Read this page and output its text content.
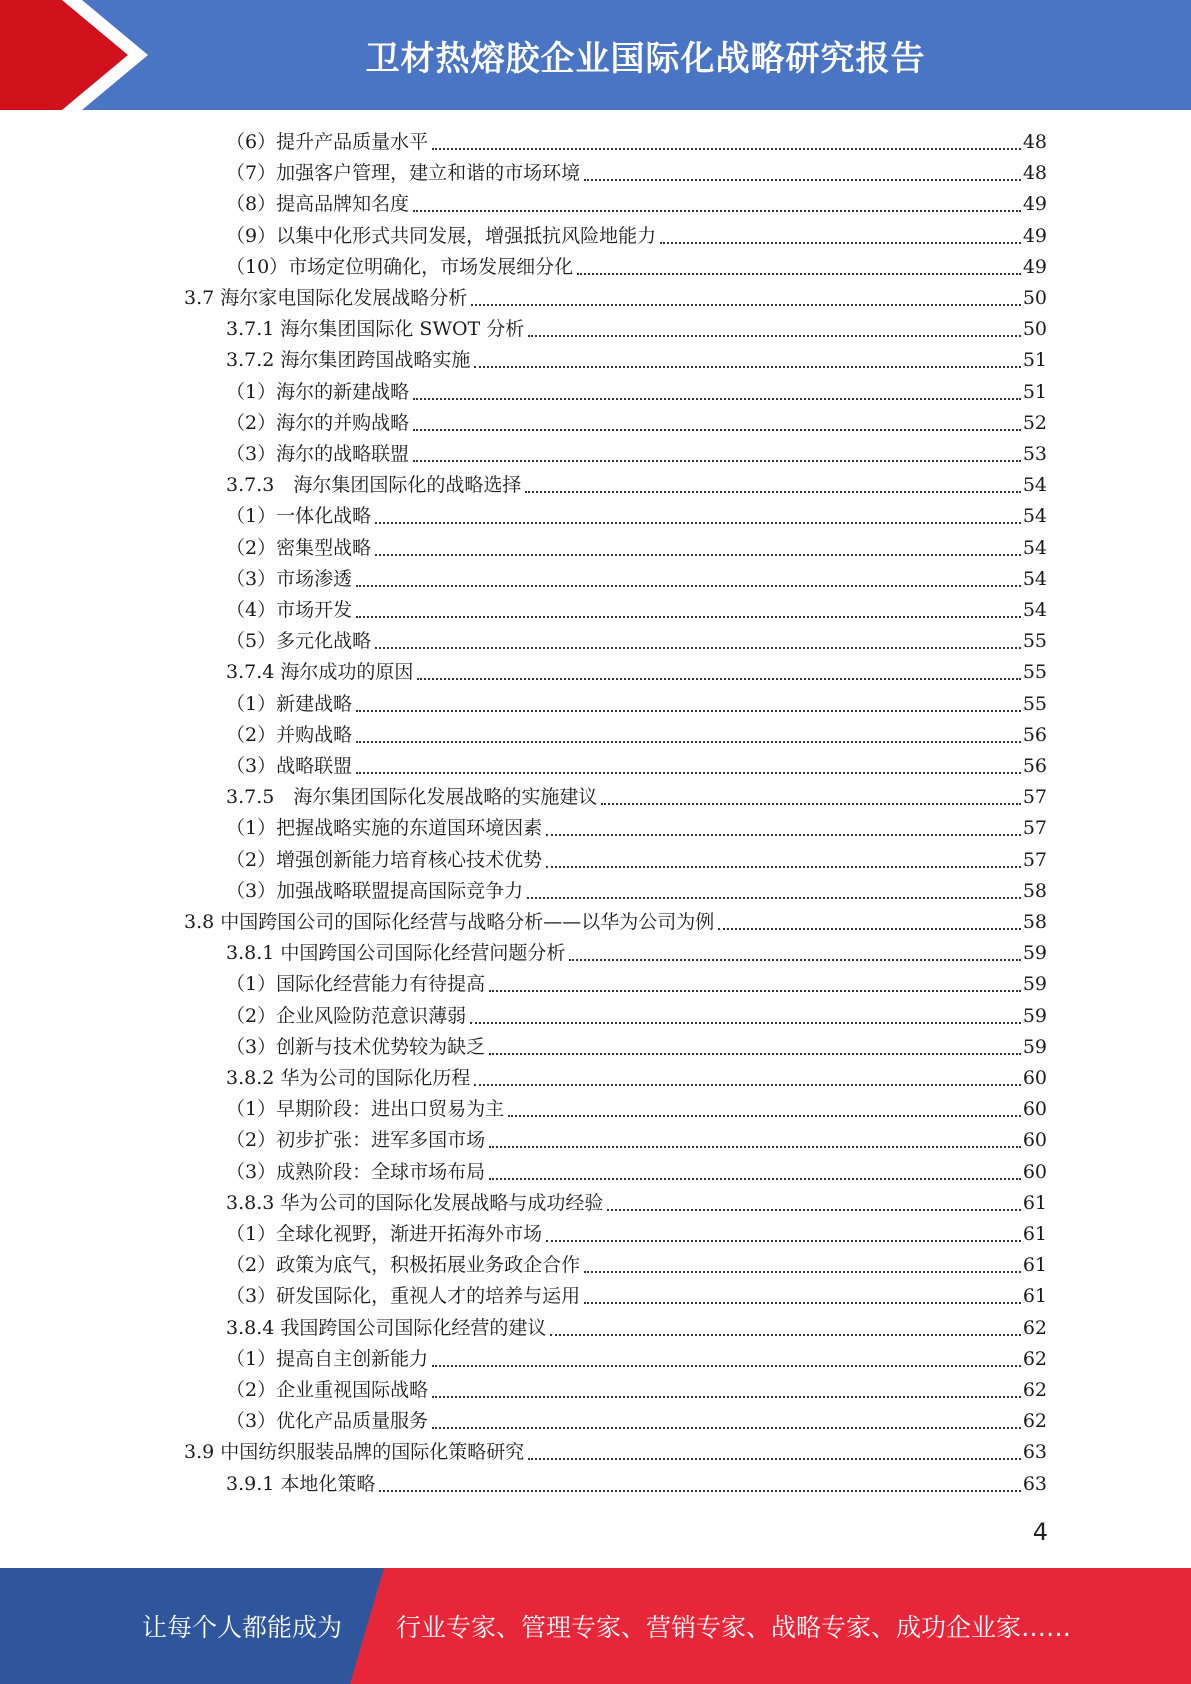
卫材热熔胶企业国际化战略研究报告
（6）提升产品质量水平	48
（7）加强客户管理，建立和谐的市场环境	48
（8）提高品牌知名度	49
（9）以集中化形式共同发展，增强抵抗风险地能力	49
（10）市场定位明确化，市场发展细分化	49
3.7 海尔家电国际化发展战略分析	50
3.7.1 海尔集团国际化 SWOT 分析	50
3.7.2 海尔集团跨国战略实施	51
（1）海尔的新建战略	51
（2）海尔的并购战略	52
（3）海尔的战略联盟	53
3.7.3　海尔集团国际化的战略选择	54
（1）一体化战略	54
（2）密集型战略	54
（3）市场渗透	54
（4）市场开发	54
（5）多元化战略	55
3.7.4 海尔成功的原因	55
（1）新建战略	55
（2）并购战略	56
（3）战略联盟	56
3.7.5　海尔集团国际化发展战略的实施建议	57
（1）把握战略实施的东道国环境因素	57
（2）增强创新能力培育核心技术优势	57
（3）加强战略联盟提高国际竞争力	58
3.8 中国跨国公司的国际化经营与战略分析——以华为公司为例	58
3.8.1 中国跨国公司国际化经营问题分析	59
（1）国际化经营能力有待提高	59
（2）企业风险防范意识薄弱	59
（3）创新与技术优势较为缺乏	59
3.8.2 华为公司的国际化历程	60
（1）早期阶段：进出口贸易为主	60
（2）初步扩张：进军多国市场	60
（3）成熟阶段：全球市场布局	60
3.8.3 华为公司的国际化发展战略与成功经验	61
（1）全球化视野，渐进开拓海外市场	61
（2）政策为底气，积极拓展业务政企合作	61
（3）研发国际化，重视人才的培养与运用	61
3.8.4 我国跨国公司国际化经营的建议	62
（1）提高自主创新能力	62
（2）企业重视国际战略	62
（3）优化产品质量服务	62
3.9 中国纺织服装品牌的国际化策略研究	63
3.9.1 本地化策略	63
4
让每个人都能成为 行业专家、管理专家、营销专家、战略专家、成功企业家……
